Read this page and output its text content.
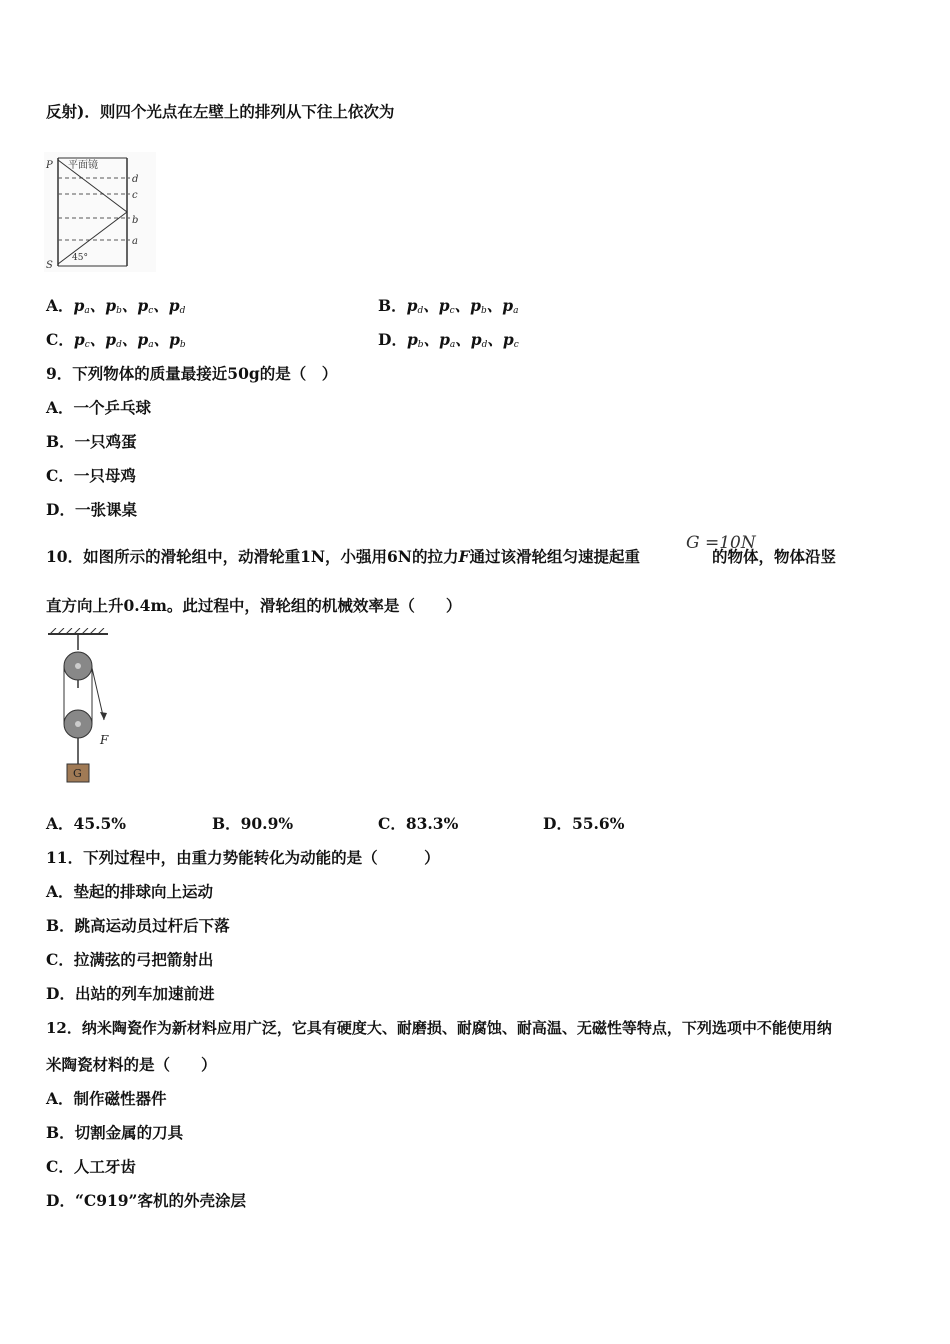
反射)．则四个光点在左壁上的排列从下往上依次为
P 平面镜
d
c
b
a
S
45°
A．$p_a$、$p_b$、$p_c$、$p_d$	B．$p_d$、$p_c$、$p_b$、$p_a$
C．$p_c$、$p_d$、$p_a$、$p_b$	D．$p_b$、$p_a$、$p_d$、$p_c$
9．下列物体的质量最接近50g的是（　）
A．一个乒乓球
B．一只鸡蛋
C．一只母鸡
D．一张课桌
10．如图所示的滑轮组中，动滑轮重1N，小强用6N的拉力F通过该滑轮组匀速提起重	的物体，物体沿竖
G =10N
直方向上升0.4m。此过程中，滑轮组的机械效率是（　　）
G
F
A．45.5%	B．90.9%	C．83.3%	D．55.6%
11．下列过程中，由重力势能转化为动能的是（　　　）
A．垫起的排球向上运动
B．跳高运动员过杆后下落
C．拉满弦的弓把箭射出
D．出站的列车加速前进
12．纳米陶瓷作为新材料应用广泛，它具有硬度大、耐磨损、耐腐蚀、耐高温、无磁性等特点，下列选项中不能使用纳
米陶瓷材料的是（　　）
A．制作磁性器件
B．切割金属的刀具
C．人工牙齿
D．“C919”客机的外壳涂层
